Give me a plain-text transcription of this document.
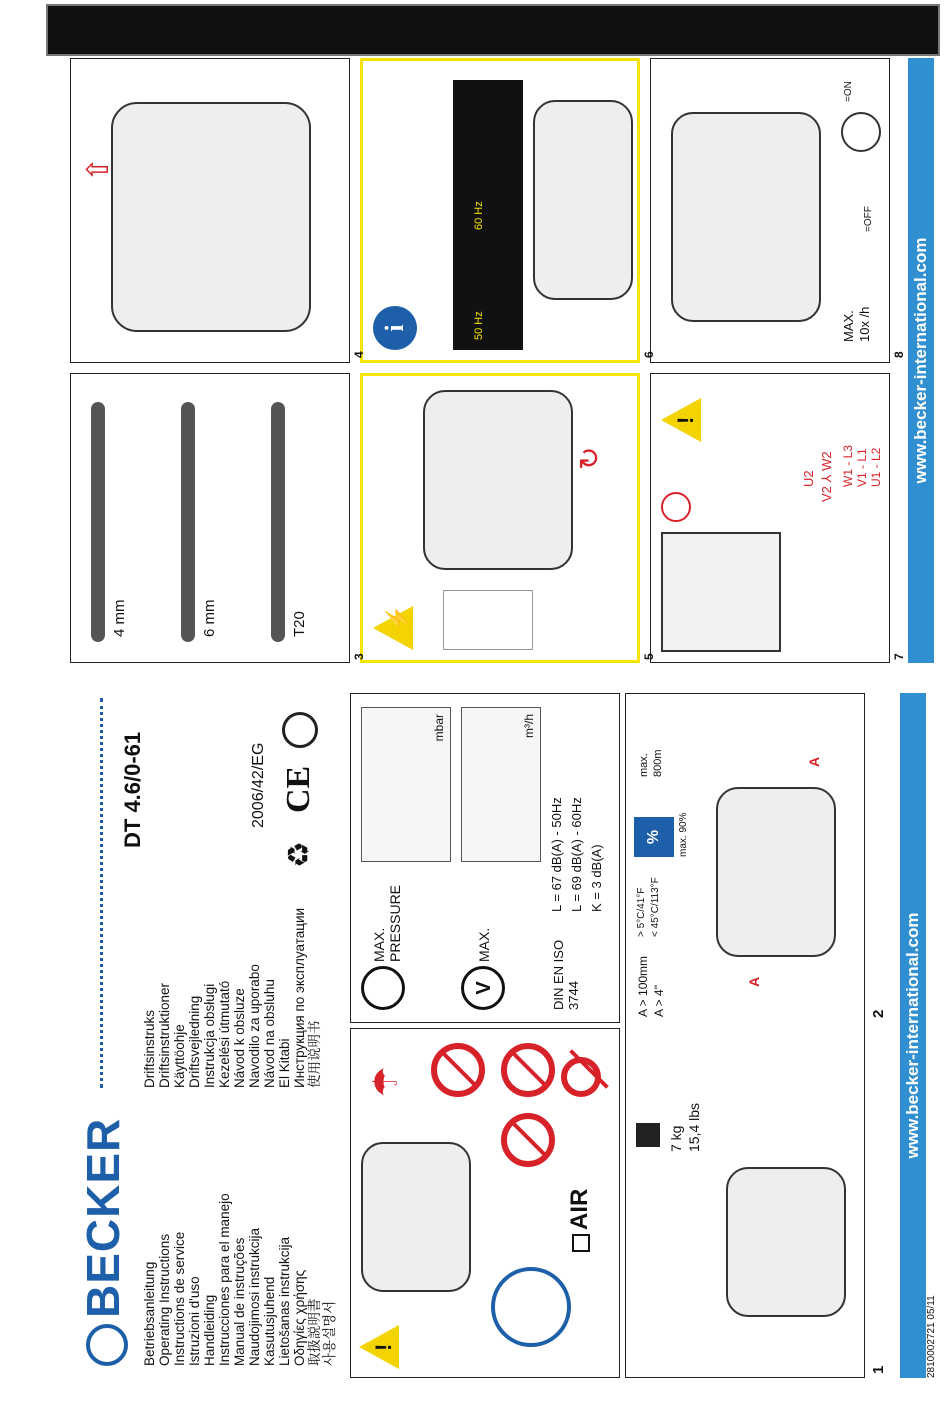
BECKER
DT 4.6/0-61
Betriebsanleitung Operating Instructions Instructions de service Istruzioni d'uso Handleiding Instrucciones para el manejo Manual de instruções Naudojimosi instrukcija Kasutusjuhend Lietošanas instrukcija Οδηγίες χρήσης 取扱説明書 사용설명서
Driftsinstruks Driftsinstruktioner Käyttöohje Driftsvejledning Instrukcja obsługi Kezelési útmutató Návod k obsluze Navodilo za uporabo Návod na obsluhu El Kitabi Инструкция по эксплуатации 使用说明书
2006/42/EG CE
♻
!
AIR
☂
MAX. PRESSURE
mbar
V
MAX.
m³/h
DIN EN ISO 3744
L = 67 dB(A) - 50Hz L = 69 dB(A) - 60Hz K = 3 dB(A)
7 kg 15,4 lbs
A > 100mm A > 4"
> 5°C/41°F < 45°C/113°F
%	max. 90%
max. 800m
A
A
1
2 www.becker-international.com
4 mm	6 mm	T20
⇧
⚡
↻
i	50 Hz
60 Hz
!
U2 V2 ⅄ W2 W1 - L3 V1 - L1 U1 - L2
MAX. 10x /h
=ON
=OFF
3
4
5
6
7
8 www.becker-international.com
2810002721 05/11
